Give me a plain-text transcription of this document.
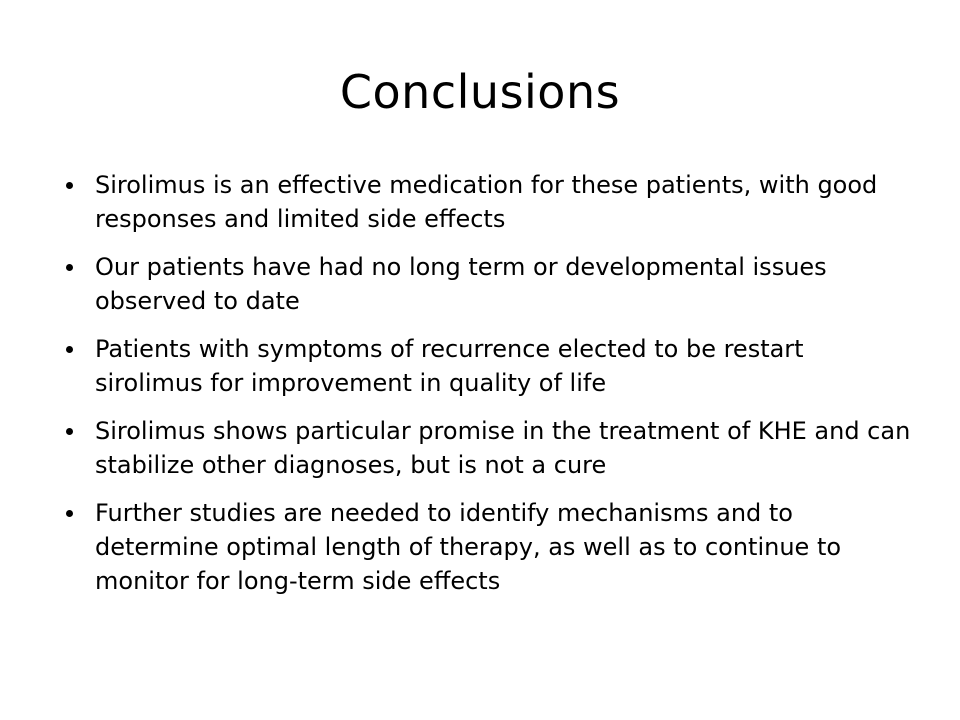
Conclusions
Sirolimus is an effective medication for these patients, with good responses and limited side effects
Our patients have had no long term or developmental issues observed to date
Patients with symptoms of recurrence elected to be restart sirolimus for improvement in quality of life
Sirolimus shows particular promise in the treatment of KHE and can stabilize other diagnoses, but is not a cure
Further studies are needed to identify mechanisms and to determine optimal length of therapy, as well as to continue to monitor for long-term side effects
